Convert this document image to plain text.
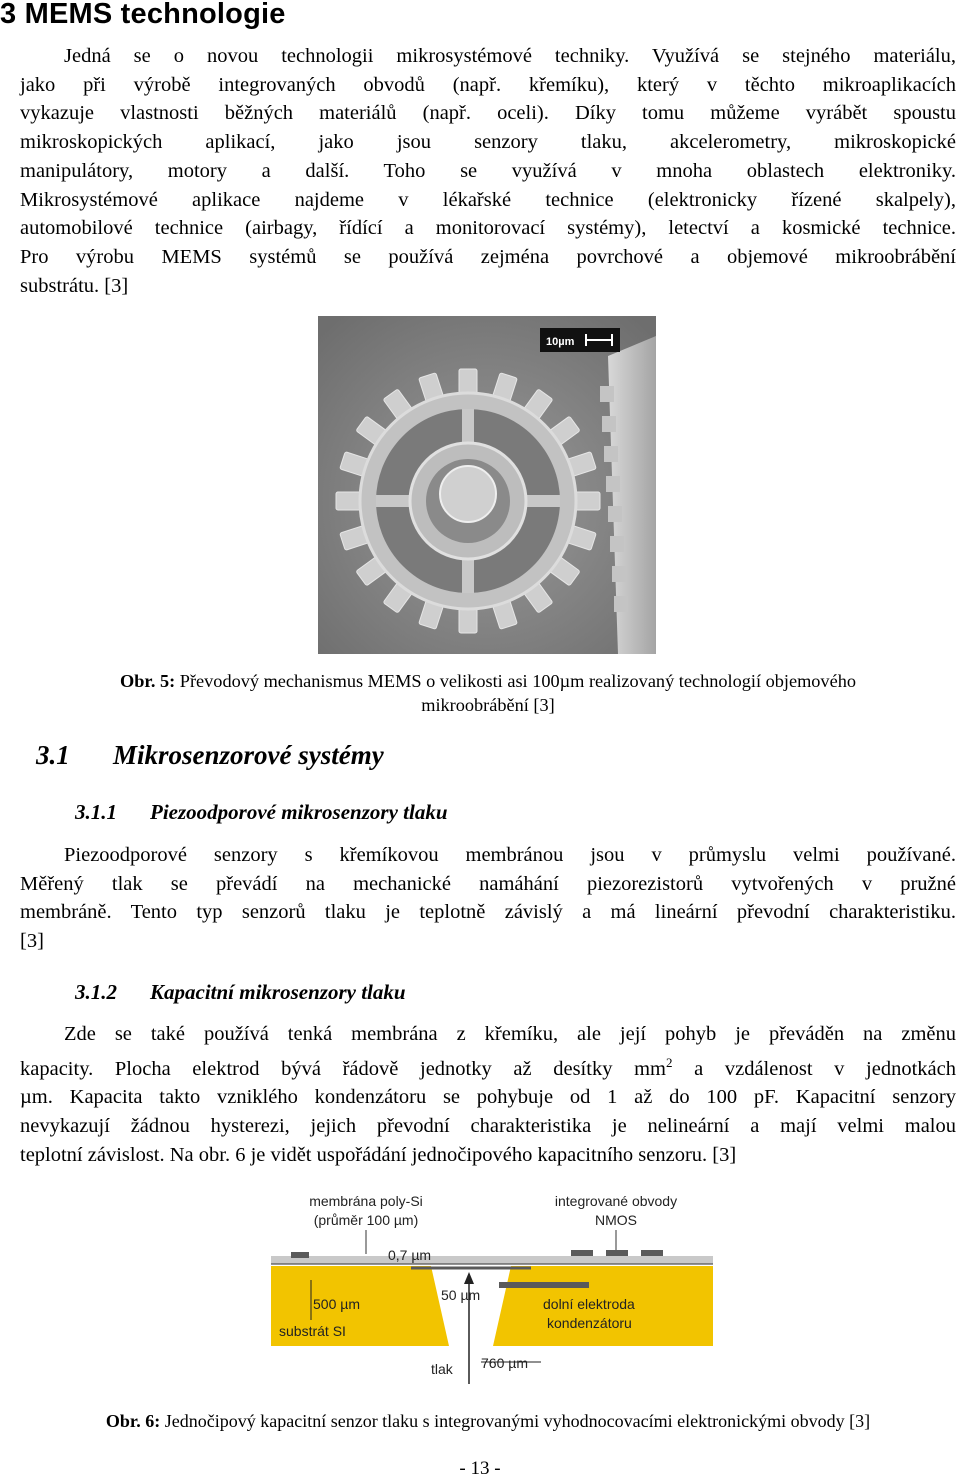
3 MEMS technologie

Jedná se o novou technologii mikrosystémové techniky. Využívá se stejného materiálu,

jako při výrobě integrovaných obvodů (např. křemíku), který v těchto mikroaplikacích

vykazuje vlastnosti běžných materiálů (např. oceli). Díky tomu můžeme vyrábět spoustu

mikroskopických aplikací, jako jsou senzory tlaku, akcelerometry, mikroskopické

manipulátory, motory a další. Toho se využívá v mnoha oblastech elektroniky.

Mikrosystémové aplikace najdeme v lékařské technice (elektronicky řízené skalpely),

automobilové technice (airbagy, řídící a monitorovací systémy), letectví a kosmické technice.

Pro výrobu MEMS systémů se používá zejména povrchové a objemové mikroobrábění

substrátu. [3]

10µm
Obr. 5: Převodový mechanismus MEMS o velikosti asi 100µm realizovaný technologií objemového
mikroobrábění [3]
3.1 Mikrosenzorové systémy
3.1.1 Piezoodporové mikrosenzory tlaku

Piezoodporové senzory s křemíkovou membránou jsou v průmyslu velmi používané.

Měřený tlak se převádí na mechanické namáhání piezorezistorů vytvořených v pružné

membráně. Tento typ senzorů tlaku je teplotně závislý a má lineární převodní charakteristiku.

[3]

3.1.2 Kapacitní mikrosenzory tlaku

Zde se také používá tenká membrána z křemíku, ale její pohyb je převáděn na změnu

kapacity. Plocha elektrod bývá řádově jednotky až desítky $mm^2$ a vzdálenost v jednotkách

µm. Kapacita takto vzniklého kondenzátoru se pohybuje od 1 až do 100 pF. Kapacitní senzory

nevykazují žádnou hysterezi, jejich převodní charakteristika je nelineární a mají velmi malou

teplotní závislost. Na obr. 6 je vidět uspořádání jednočipového kapacitního senzoru. [3]

membrána poly-Si
(průměr 100 µm)
integrované obvody
NMOS
0,7 µm
500 µm
50 µm
substrát SI
dolní elektroda
kondenzátoru
tlak 760 µm
Obr. 6: Jednočipový kapacitní senzor tlaku s integrovanými vyhodnocovacími elektronickými obvody [3]
- 13 -
